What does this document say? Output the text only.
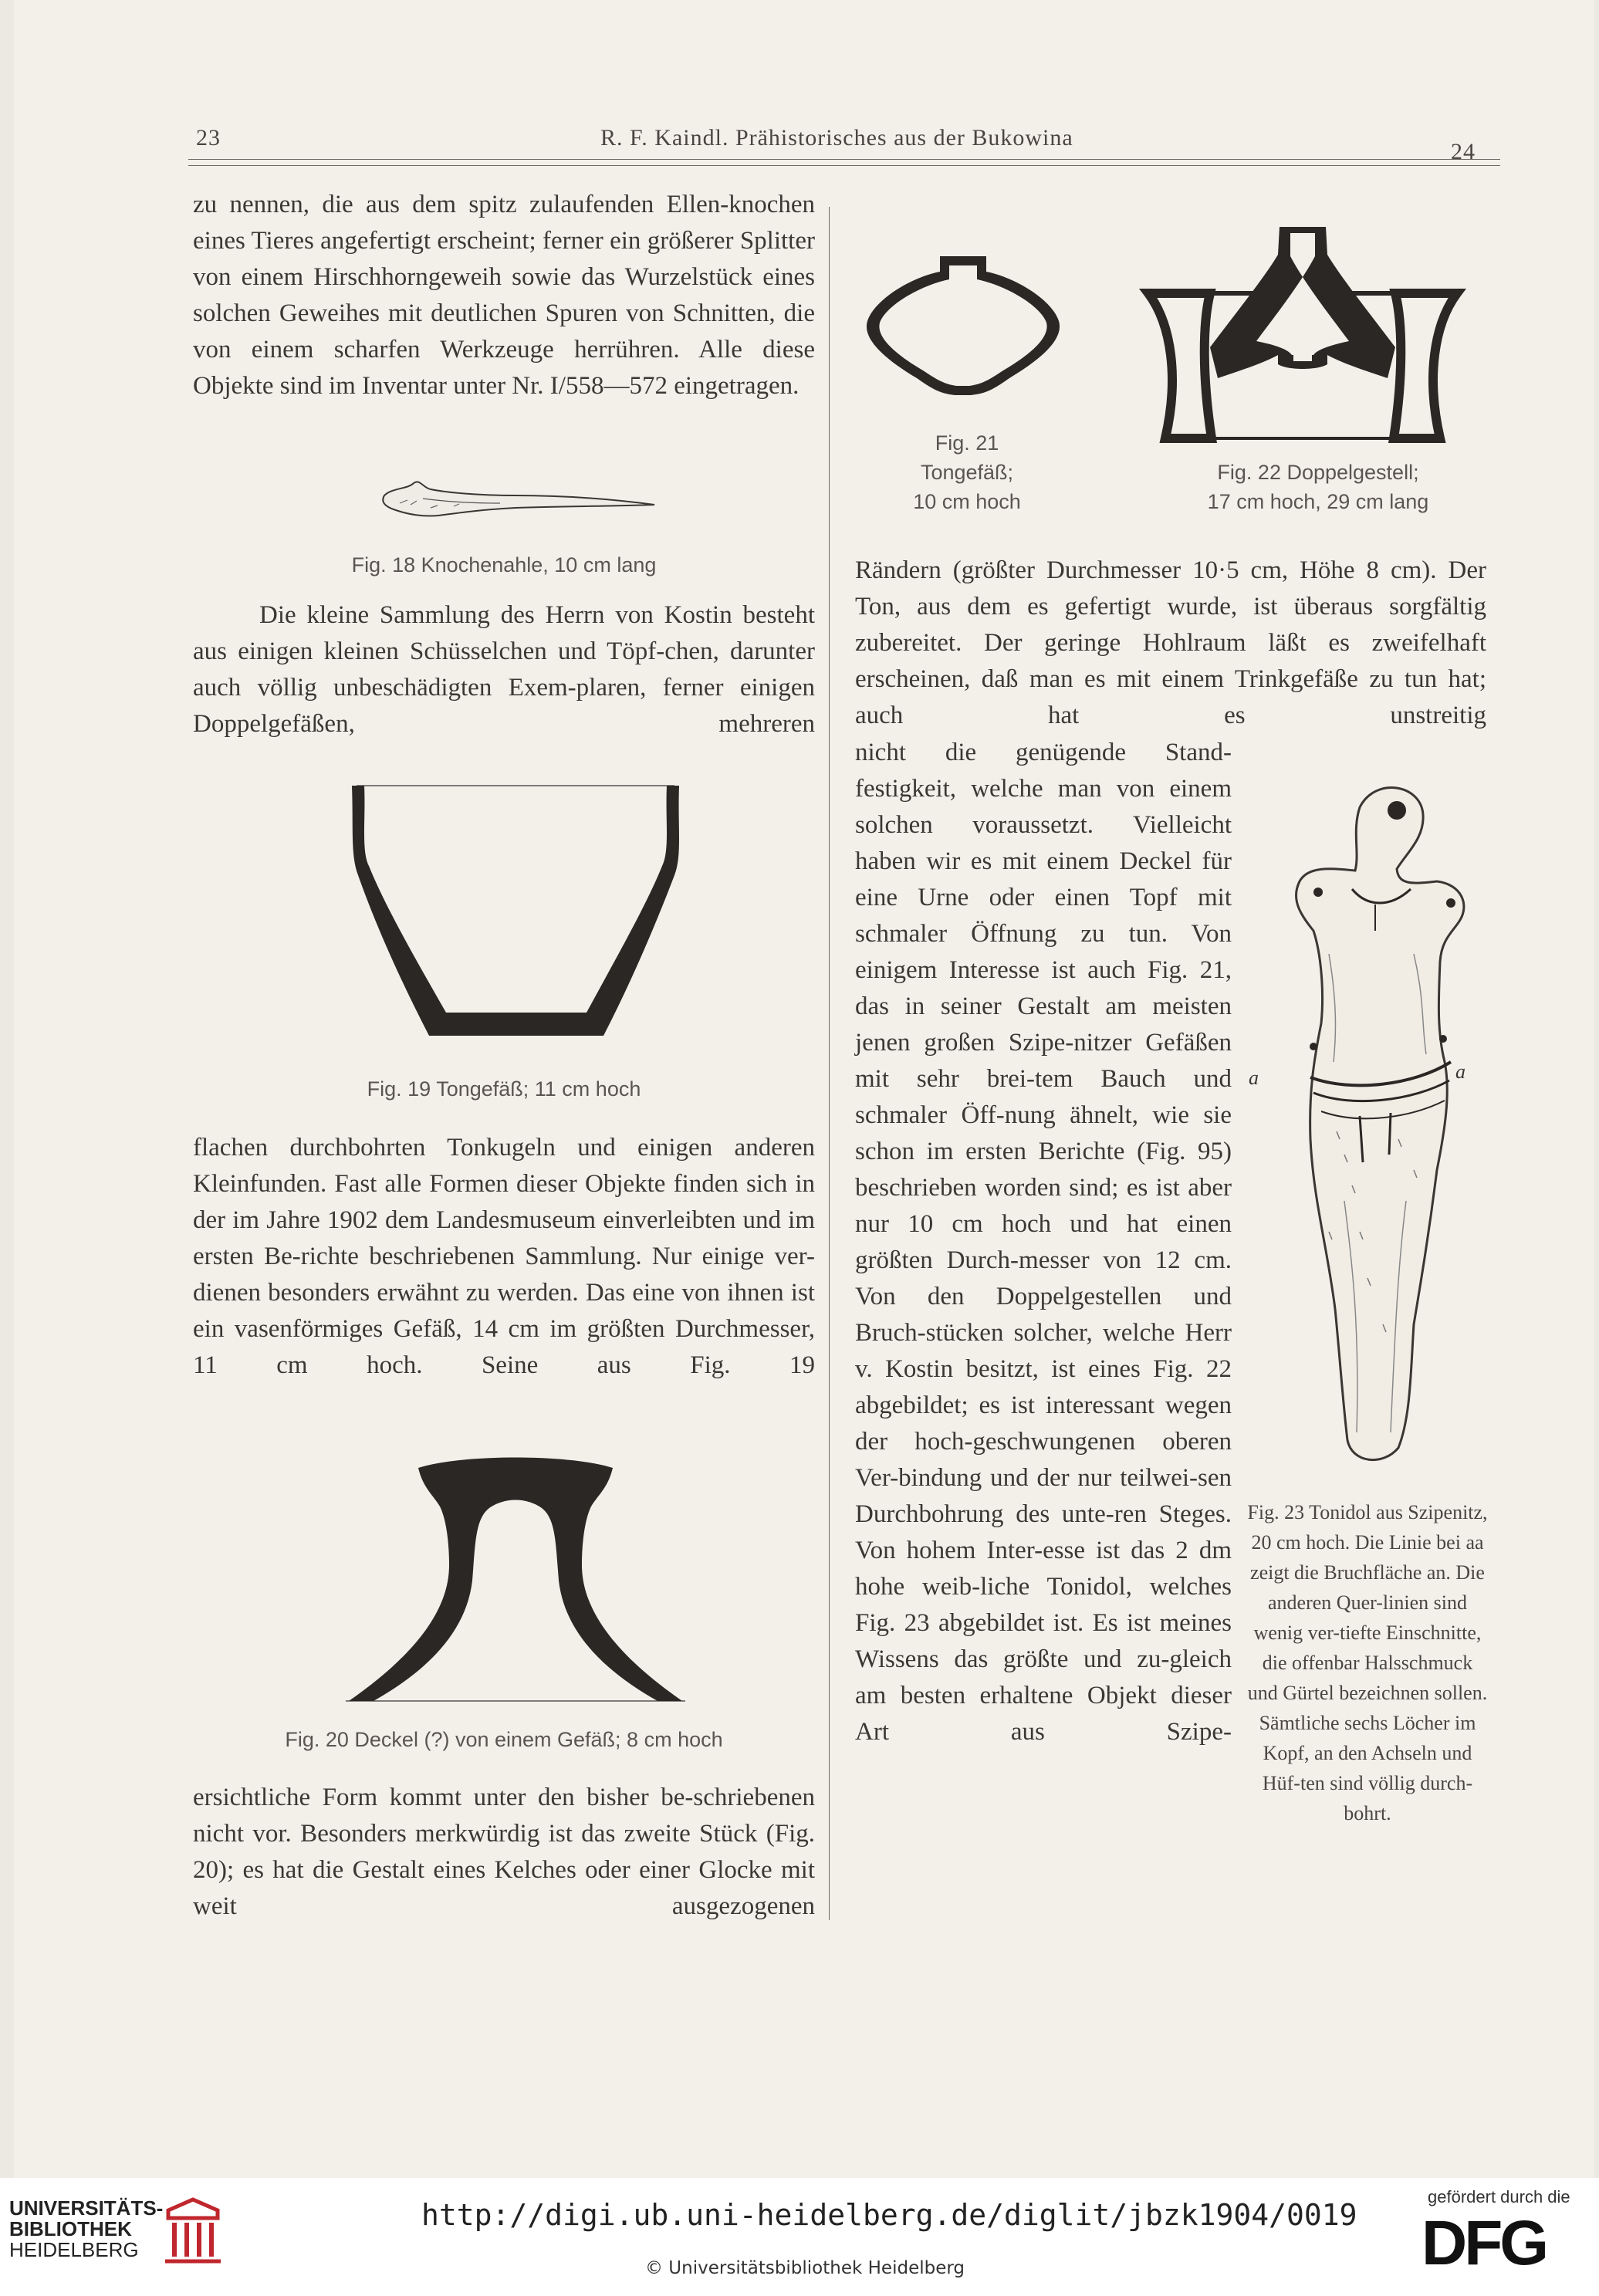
23	R. F. Kaindl. Prähistorisches aus der Bukowina
24

zu nennen, die aus dem spitz zulaufenden Ellen-knochen eines Tieres angefertigt erscheint; ferner ein größerer Splitter von einem Hirschhorngeweih sowie das Wurzelstück eines solchen Geweihes mit deutlichen Spuren von Schnitten, die von einem scharfen Werkzeuge herrühren. Alle diese Objekte sind im Inventar unter Nr. I/558—572 eingetragen.

Fig. 18 Knochenahle, 10 cm lang

Die kleine Sammlung des Herrn von Kostin besteht aus einigen kleinen Schüsselchen und Töpf-chen, darunter auch völlig unbeschädigten Exem-plaren, ferner einigen Doppelgefäßen, mehreren

Fig. 19 Tongefäß; 11 cm hoch

flachen durchbohrten Tonkugeln und einigen anderen Kleinfunden. Fast alle Formen dieser Objekte finden sich in der im Jahre 1902 dem Landesmuseum einverleibten und im ersten Be-richte beschriebenen Sammlung. Nur einige ver-dienen besonders erwähnt zu werden. Das eine von ihnen ist ein vasenförmiges Gefäß, 14 cm im größten Durchmesser, 11 cm hoch. Seine aus Fig. 19

Fig. 20 Deckel (?) von einem Gefäß; 8 cm hoch

ersichtliche Form kommt unter den bisher be-schriebenen nicht vor. Besonders merkwürdig ist das zweite Stück (Fig. 20); es hat die Gestalt eines Kelches oder einer Glocke mit weit ausgezogenen

Fig. 21
Tongefäß;
10 cm hoch
Fig. 22 Doppelgestell;
17 cm hoch, 29 cm lang

Rändern (größter Durchmesser 10·5 cm, Höhe 8 cm). Der Ton, aus dem es gefertigt wurde, ist überaus sorgfältig zubereitet. Der geringe Hohlraum läßt es zweifelhaft erscheinen, daß man es mit einem Trinkgefäße zu tun hat; auch hat es unstreitig

nicht die genügende Stand-festigkeit, welche man von einem solchen voraussetzt. Vielleicht haben wir es mit einem Deckel für eine Urne oder einen Topf mit schmaler Öffnung zu tun. Von einigem Interesse ist auch Fig. 21, das in seiner Gestalt am meisten jenen großen Szipe-nitzer Gefäßen mit sehr brei-tem Bauch und schmaler Öff-nung ähnelt, wie sie schon im ersten Berichte (Fig. 95) beschrieben worden sind; es ist aber nur 10 cm hoch und hat einen größten Durch-messer von 12 cm. Von den Doppelgestellen und Bruch-stücken solcher, welche Herr v. Kostin besitzt, ist eines Fig. 22 abgebildet; es ist interessant wegen der hoch-geschwungenen oberen Ver-bindung und der nur teilwei-sen Durchbohrung des unte-ren Steges. Von hohem Inter-esse ist das 2 dm hohe weib-liche Tonidol, welches Fig. 23 abgebildet ist. Es ist meines Wissens das größte und zu-gleich am besten erhaltene Objekt dieser Art aus Szipe-

a	a
Fig. 23 Tonidol aus Szipenitz, 20 cm hoch. Die Linie bei aa zeigt die Bruchfläche an. Die anderen Quer-linien sind wenig ver-tiefte Einschnitte, die offenbar Halsschmuck und Gürtel bezeichnen sollen. Sämtliche sechs Löcher im Kopf, an den Achseln und Hüf-ten sind völlig durch-bohrt.
UNIVERSITÄTS-
BIBLIOTHEK
HEIDELBERG
http://digi.ub.uni-heidelberg.de/diglit/jbzk1904/0019
© Universitätsbibliothek Heidelberg
gefördert durch die
DFG
